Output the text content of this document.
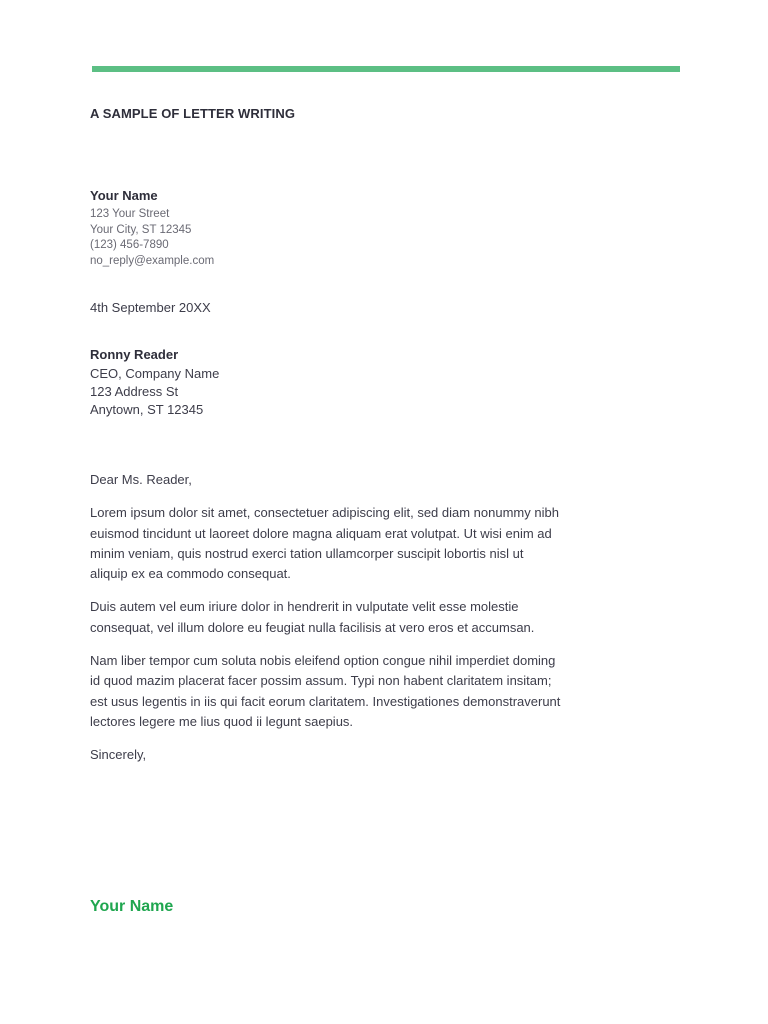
A SAMPLE OF LETTER WRITING
Your Name
123 Your Street
Your City, ST 12345
(123) 456-7890
no_reply@example.com
4th September 20XX
Ronny Reader
CEO, Company Name
123 Address St
Anytown, ST 12345

Dear Ms. Reader,

Lorem ipsum dolor sit amet, consectetuer adipiscing elit, sed diam nonummy nibh euismod tincidunt ut laoreet dolore magna aliquam erat volutpat. Ut wisi enim ad minim veniam, quis nostrud exerci tation ullamcorper suscipit lobortis nisl ut aliquip ex ea commodo consequat.

Duis autem vel eum iriure dolor in hendrerit in vulputate velit esse molestie consequat, vel illum dolore eu feugiat nulla facilisis at vero eros et accumsan.

Nam liber tempor cum soluta nobis eleifend option congue nihil imperdiet doming id quod mazim placerat facer possim assum. Typi non habent claritatem insitam; est usus legentis in iis qui facit eorum claritatem. Investigationes demonstraverunt lectores legere me lius quod ii legunt saepius.

Sincerely,

Your Name
